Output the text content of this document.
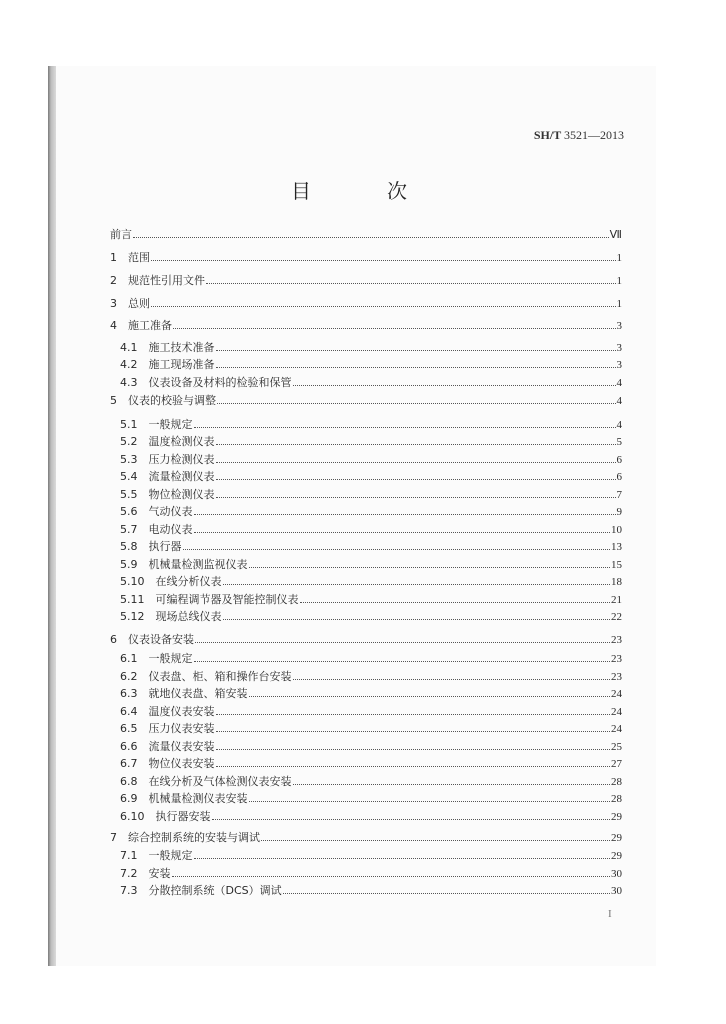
SH/T 3521—2013
目　次
前言	Ⅶ
1　范围	1
2　规范性引用文件	1
3　总则	1
4　施工准备	3
4.1　施工技术准备	3
4.2　施工现场准备	3
4.3　仪表设备及材料的检验和保管	4
5　仪表的校验与调整	4
5.1　一般规定	4
5.2　温度检测仪表	5
5.3　压力检测仪表	6
5.4　流量检测仪表	6
5.5　物位检测仪表	7
5.6　气动仪表	9
5.7　电动仪表	10
5.8　执行器	13
5.9　机械量检测监视仪表	15
5.10　在线分析仪表	18
5.11　可编程调节器及智能控制仪表	21
5.12　现场总线仪表	22
6　仪表设备安装	23
6.1　一般规定	23
6.2　仪表盘、柜、箱和操作台安装	23
6.3　就地仪表盘、箱安装	24
6.4　温度仪表安装	24
6.5　压力仪表安装	24
6.6　流量仪表安装	25
6.7　物位仪表安装	27
6.8　在线分析及气体检测仪表安装	28
6.9　机械量检测仪表安装	28
6.10　执行器安装	29
7　综合控制系统的安装与调试	29
7.1　一般规定	29
7.2　安装	30
7.3　分散控制系统（DCS）调试	30
I
